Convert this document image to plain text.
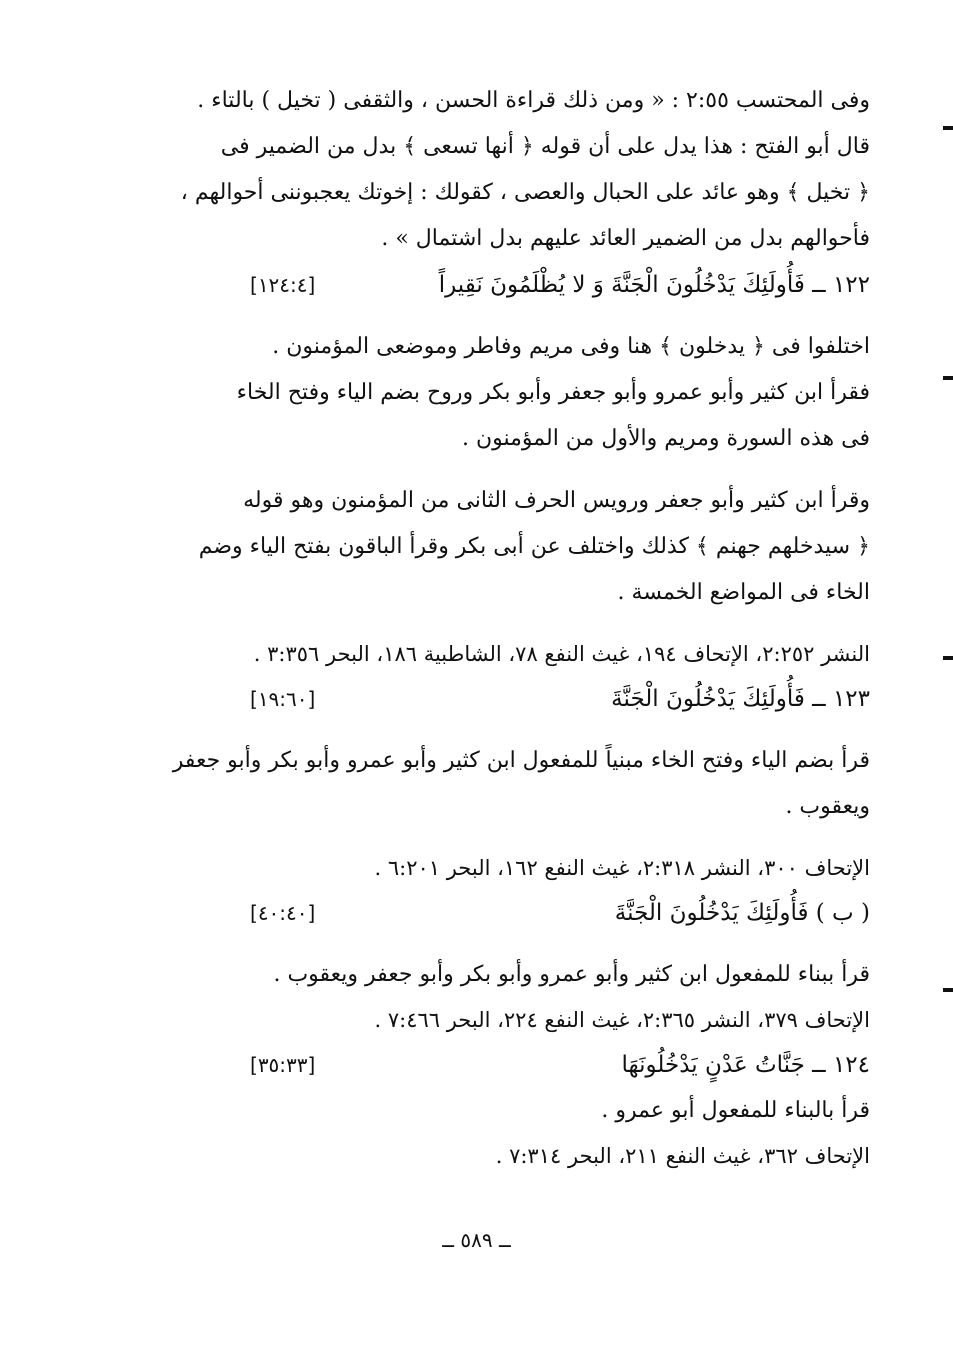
وفى المحتسب ٢:٥٥ : « ومن ذلك قراءة الحسن ، والثقفى ( تخيل ) بالتاء .

قال أبو الفتح : هذا يدل على أن قوله ﴿ أنها تسعى ﴾ بدل من الضمير فى

﴿ تخيل ﴾ وهو عائد على الحبال والعصى ، كقولك : إخوتك يعجبوننى أحوالهم ،

فأحوالهم بدل من الضمير العائد عليهم بدل اشتمال » .

١٢٢ ــ فَأُولَئِكَ يَدْخُلُونَ الْجَنَّةَ وَ لا يُظْلَمُونَ نَقِيراً
[١٢٤:٤]

اختلفوا فى ﴿ يدخلون ﴾ هنا وفى مريم وفاطر وموضعى المؤمنون .

فقرأ ابن كثير وأبو عمرو وأبو جعفر وأبو بكر وروح بضم الياء وفتح الخاء

فى هذه السورة ومريم والأول من المؤمنون .

وقرأ ابن كثير وأبو جعفر ورويس الحرف الثانى من المؤمنون وهو قوله

﴿ سيدخلهم جهنم ﴾ كذلك واختلف عن أبى بكر وقرأ الباقون بفتح الياء وضم

الخاء فى المواضع الخمسة .

النشر ٢:٢٥٢، الإتحاف ١٩٤، غيث النفع ٧٨، الشاطبية ١٨٦، البحر ٣:٣٥٦ .

١٢٣ ــ فَأُولَئِكَ يَدْخُلُونَ الْجَنَّةَ
[١٩:٦٠]

قرأ بضم الياء وفتح الخاء مبنياً للمفعول ابن كثير وأبو عمرو وأبو بكر وأبو جعفر

ويعقوب .

الإتحاف ٣٠٠، النشر ٢:٣١٨، غيث النفع ١٦٢، البحر ٦:٢٠١ .

( ب ) فَأُولَئِكَ يَدْخُلُونَ الْجَنَّةَ
[٤٠:٤٠]

قرأ ببناء للمفعول ابن كثير وأبو عمرو وأبو بكر وأبو جعفر ويعقوب .

الإتحاف ٣٧٩، النشر ٢:٣٦٥، غيث النفع ٢٢٤، البحر ٧:٤٦٦ .

١٢٤ ــ جَنَّاتُ عَدْنٍ يَدْخُلُونَهَا
[٣٥:٣٣]

قرأ بالبناء للمفعول أبو عمرو .

الإتحاف ٣٦٢، غيث النفع ٢١١، البحر ٧:٣١٤ .

ــ ٥٨٩ ــ
